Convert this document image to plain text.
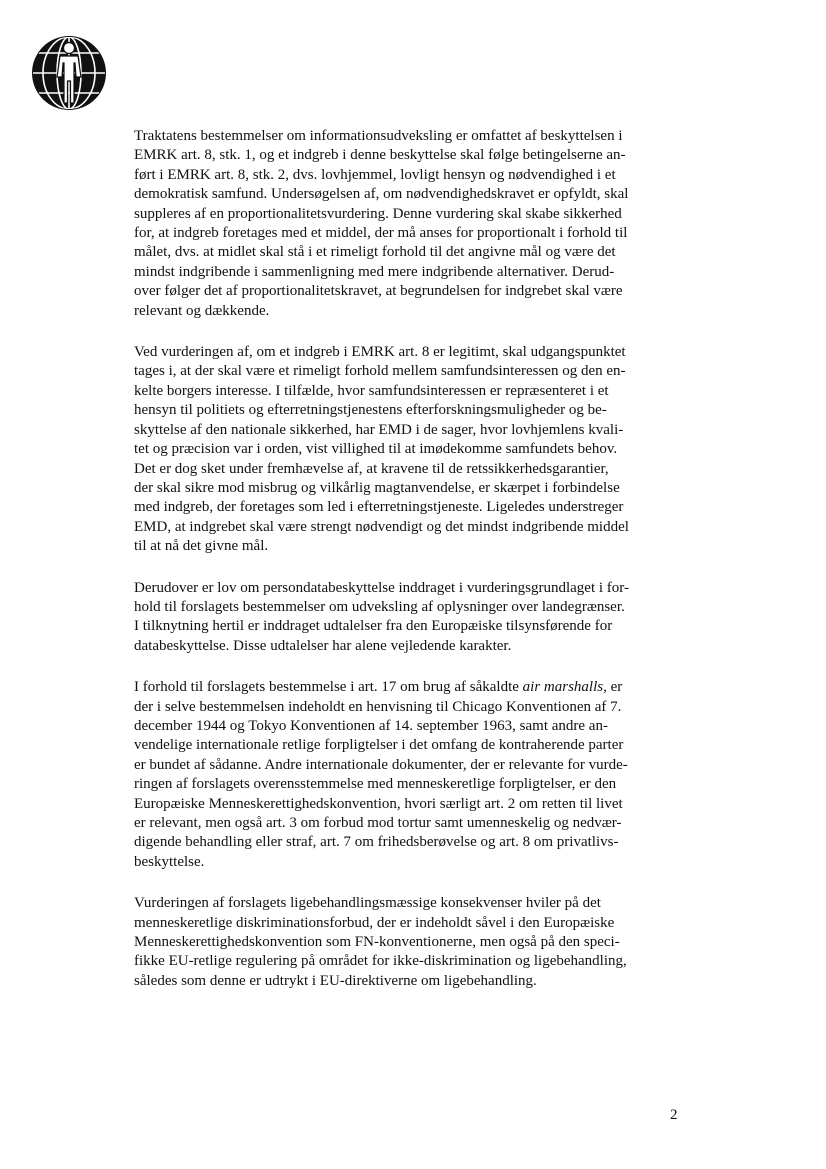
Traktatens bestemmelser om informationsudveksling er omfattet af beskyttelsen i
EMRK art. 8, stk. 1, og et indgreb i denne beskyttelse skal følge betingelserne an-
ført i EMRK art. 8, stk. 2, dvs. lovhjemmel, lovligt hensyn og nødvendighed i et
demokratisk samfund. Undersøgelsen af, om nødvendighedskravet er opfyldt, skal
suppleres af en proportionalitetsvurdering. Denne vurdering skal skabe sikkerhed
for, at indgreb foretages med et middel, der må anses for proportionalt i forhold til
målet, dvs. at midlet skal stå i et rimeligt forhold til det angivne mål og være det
mindst indgribende i sammenligning med mere indgribende alternativer. Derud-
over følger det af proportionalitetskravet, at begrundelsen for indgrebet skal være
relevant og dækkende.

Ved vurderingen af, om et indgreb i EMRK art. 8 er legitimt, skal udgangspunktet
tages i, at der skal være et rimeligt forhold mellem samfundsinteressen og den en-
kelte borgers interesse. I tilfælde, hvor samfundsinteressen er repræsenteret i et
hensyn til politiets og efterretningstjenestens efterforskningsmuligheder og be-
skyttelse af den nationale sikkerhed, har EMD i de sager, hvor lovhjemlens kvali-
tet og præcision var i orden, vist villighed til at imødekomme samfundets behov.
Det er dog sket under fremhævelse af, at kravene til de retssikkerhedsgarantier,
der skal sikre mod misbrug og vilkårlig magtanvendelse, er skærpet i forbindelse
med indgreb, der foretages som led i efterretningstjeneste. Ligeledes understreger
EMD, at indgrebet skal være strengt nødvendigt og det mindst indgribende middel
til at nå det givne mål.

Derudover er lov om persondatabeskyttelse inddraget i vurderingsgrundlaget i for-
hold til forslagets bestemmelser om udveksling af oplysninger over landegrænser.
I tilknytning hertil er inddraget udtalelser fra den Europæiske tilsynsførende for
databeskyttelse. Disse udtalelser har alene vejledende karakter.

I forhold til forslagets bestemmelse i art. 17 om brug af såkaldte air marshalls, er
der i selve bestemmelsen indeholdt en henvisning til Chicago Konventionen af 7.
december 1944 og Tokyo Konventionen af 14. september 1963, samt andre an-
vendelige internationale retlige forpligtelser i det omfang de kontraherende parter
er bundet af sådanne. Andre internationale dokumenter, der er relevante for vurde-
ringen af forslagets overensstemmelse med menneskeretlige forpligtelser, er den
Europæiske Menneskerettighedskonvention, hvori særligt art. 2 om retten til livet
er relevant, men også art. 3 om forbud mod tortur samt umenneskelig og nedvær-
digende behandling eller straf, art. 7 om frihedsberøvelse og art. 8 om privatlivs-
beskyttelse.

Vurderingen af forslagets ligebehandlingsmæssige konsekvenser hviler på det
menneskeretlige diskriminationsforbud, der er indeholdt såvel i den Europæiske
Menneskerettighedskonvention som FN-konventionerne, men også på den speci-
fikke EU-retlige regulering på området for ikke-diskrimination og ligebehandling,
således som denne er udtrykt i EU-direktiverne om ligebehandling.

2
